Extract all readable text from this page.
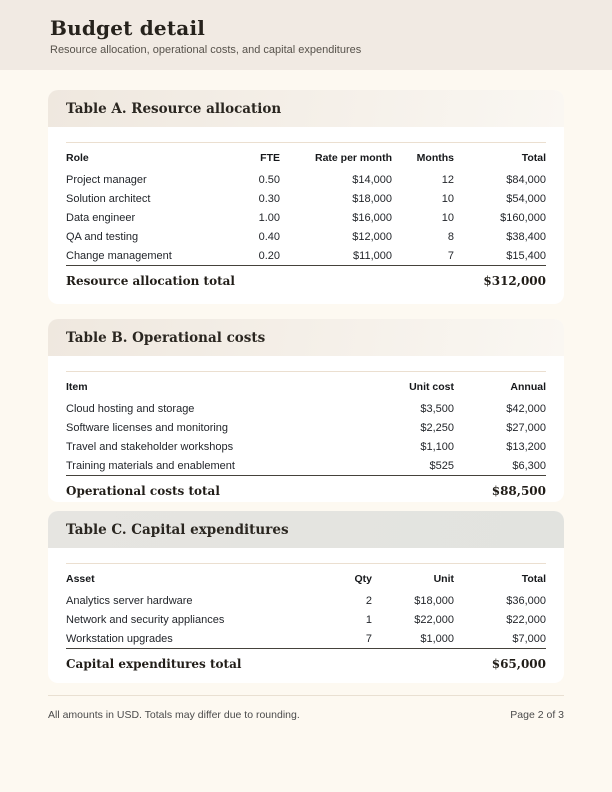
Budget detail
Resource allocation, operational costs, and capital expenditures
Table A. Resource allocation
Role	FTE	Rate per month	Months	Total
Project manager	0.50	$14,000	12	$84,000
Solution architect	0.30	$18,000	10	$54,000
Data engineer	1.00	$16,000	10	$160,000
QA and testing	0.40	$12,000	8	$38,400
Change management	0.20	$11,000	7	$15,400
Resource allocation total				$312,000
Table B. Operational costs
Item	Unit cost	Annual
Cloud hosting and storage	$3,500	$42,000
Software licenses and monitoring	$2,250	$27,000
Travel and stakeholder workshops	$1,100	$13,200
Training materials and enablement	$525	$6,300
Operational costs total		$88,500
Table C. Capital expenditures
Asset	Qty	Unit	Total
Analytics server hardware	2	$18,000	$36,000
Network and security appliances	1	$22,000	$22,000
Workstation upgrades	7	$1,000	$7,000
Capital expenditures total			$65,000
All amounts in USD. Totals may differ due to rounding.	Page 2 of 3
